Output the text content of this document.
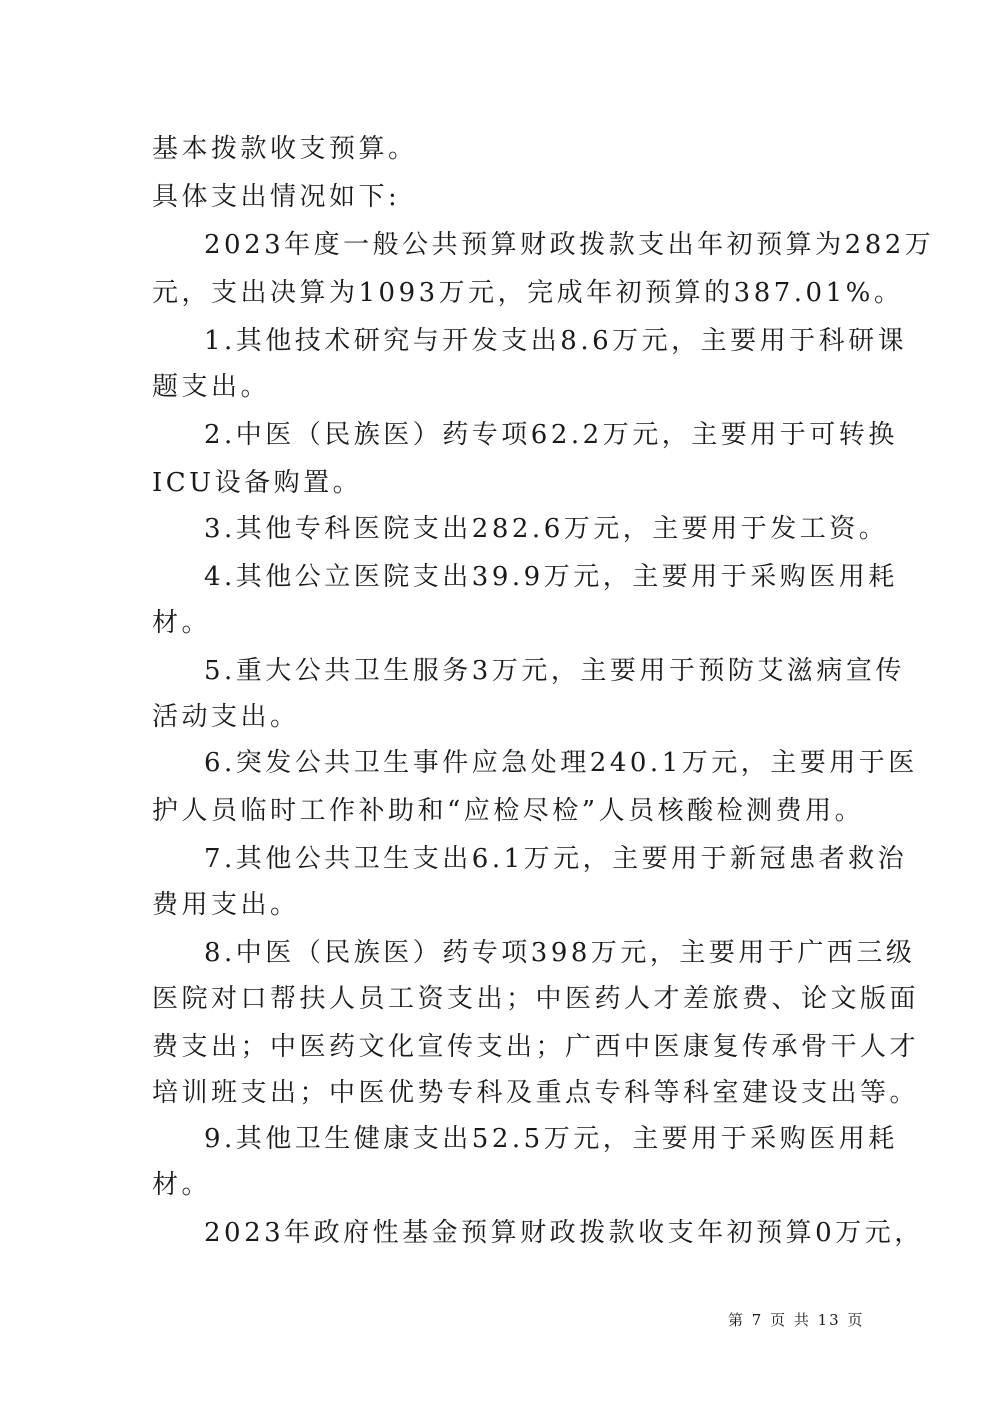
基本拨款收支预算。
具体支出情况如下:
2023年度一般公共预算财政拨款支出年初预算为282万
元，支出决算为1093万元，完成年初预算的387.01%。
1.其他技术研究与开发支出8.6万元，主要用于科研课
题支出。
2.中医（民族医）药专项62.2万元，主要用于可转换
ICU设备购置。
3.其他专科医院支出282.6万元，主要用于发工资。
4.其他公立医院支出39.9万元，主要用于采购医用耗
材。
5.重大公共卫生服务3万元，主要用于预防艾滋病宣传
活动支出。
6.突发公共卫生事件应急处理240.1万元，主要用于医
护人员临时工作补助和“应检尽检”人员核酸检测费用。
7.其他公共卫生支出6.1万元，主要用于新冠患者救治
费用支出。
8.中医（民族医）药专项398万元，主要用于广西三级
医院对口帮扶人员工资支出；中医药人才差旅费、论文版面
费支出；中医药文化宣传支出；广西中医康复传承骨干人才
培训班支出；中医优势专科及重点专科等科室建设支出等。
9.其他卫生健康支出52.5万元，主要用于采购医用耗
材。
2023年政府性基金预算财政拨款收支年初预算0万元，
第 7 页 共 13 页
